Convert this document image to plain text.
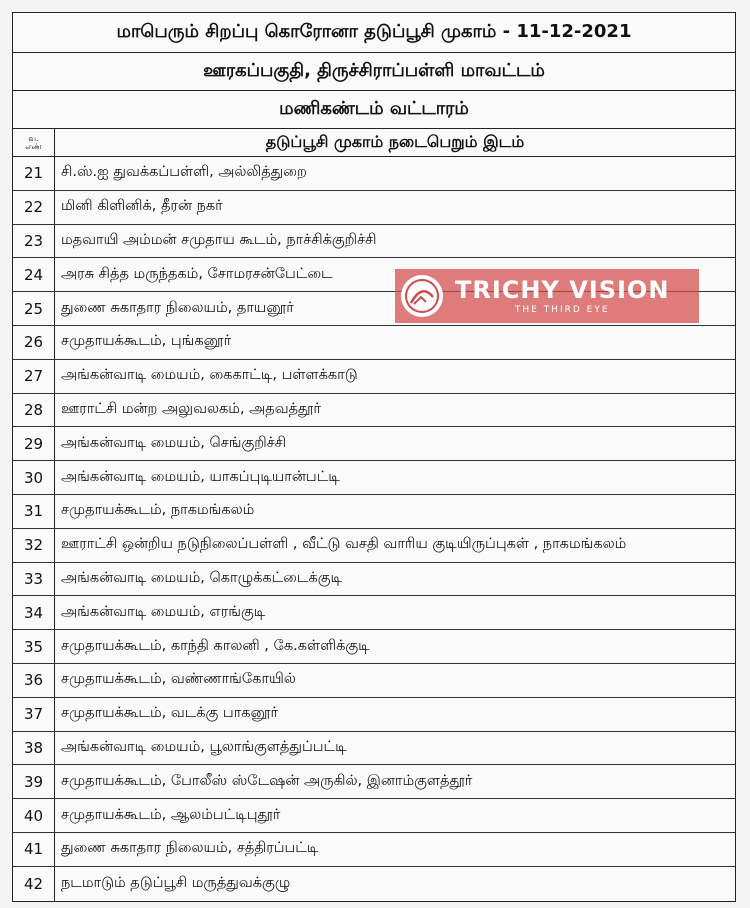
மாபெரும் சிறப்பு கொரோனா தடுப்பூசி முகாம் - 11-12-2021
ஊரகப்பகுதி, திருச்சிராப்பள்ளி மாவட்டம்
மணிகண்டம் வட்டாரம்
வ.
எண்	தடுப்பூசி முகாம் நடைபெறும் இடம்
21	சி.ஸ்.ஐ துவக்கப்பள்ளி, அல்லித்துறை
22	மினி கிளினிக், தீரன் நகர்
23	மதவாயி அம்மன் சமுதாய கூடம், நாச்சிக்குறிச்சி
24	அரசு சித்த மருந்தகம், சோமரசன்பேட்டை
25	துணை சுகாதார நிலையம், தாயனூர்
26	சமுதாயக்கூடம், புங்கனூர்
27	அங்கன்வாடி மையம், கைகாட்டி, பள்ளக்காடு
28	ஊராட்சி மன்ற அலுவலகம், அதவத்தூர்
29	அங்கன்வாடி மையம், செங்குறிச்சி
30	அங்கன்வாடி மையம், யாகப்புடியான்பட்டி
31	சமுதாயக்கூடம், நாகமங்கலம்
32	ஊராட்சி ஒன்றிய நடுநிலைப்பள்ளி , வீட்டு வசதி வாரிய குடியிருப்புகள் , நாகமங்கலம்
33	அங்கன்வாடி மையம், கொழுக்கட்டைக்குடி
34	அங்கன்வாடி மையம், எரங்குடி
35	சமுதாயக்கூடம், காந்தி காலனி , கே.கள்ளிக்குடி
36	சமுதாயக்கூடம், வண்ணாங்கோயில்
37	சமுதாயக்கூடம், வடக்கு பாகனூர்
38	அங்கன்வாடி மையம், பூலாங்குளத்துப்பட்டி
39	சமுதாயக்கூடம், போலீஸ் ஸ்டேஷன் அருகில், இனாம்குளத்தூர்
40	சமுதாயக்கூடம், ஆலம்பட்டிபுதூர்
41	துணை சுகாதார நிலையம், சத்திரப்பட்டி
42	நடமாடும் தடுப்பூசி மருத்துவக்குழு
TRICHY VISION
THE THIRD EYE
